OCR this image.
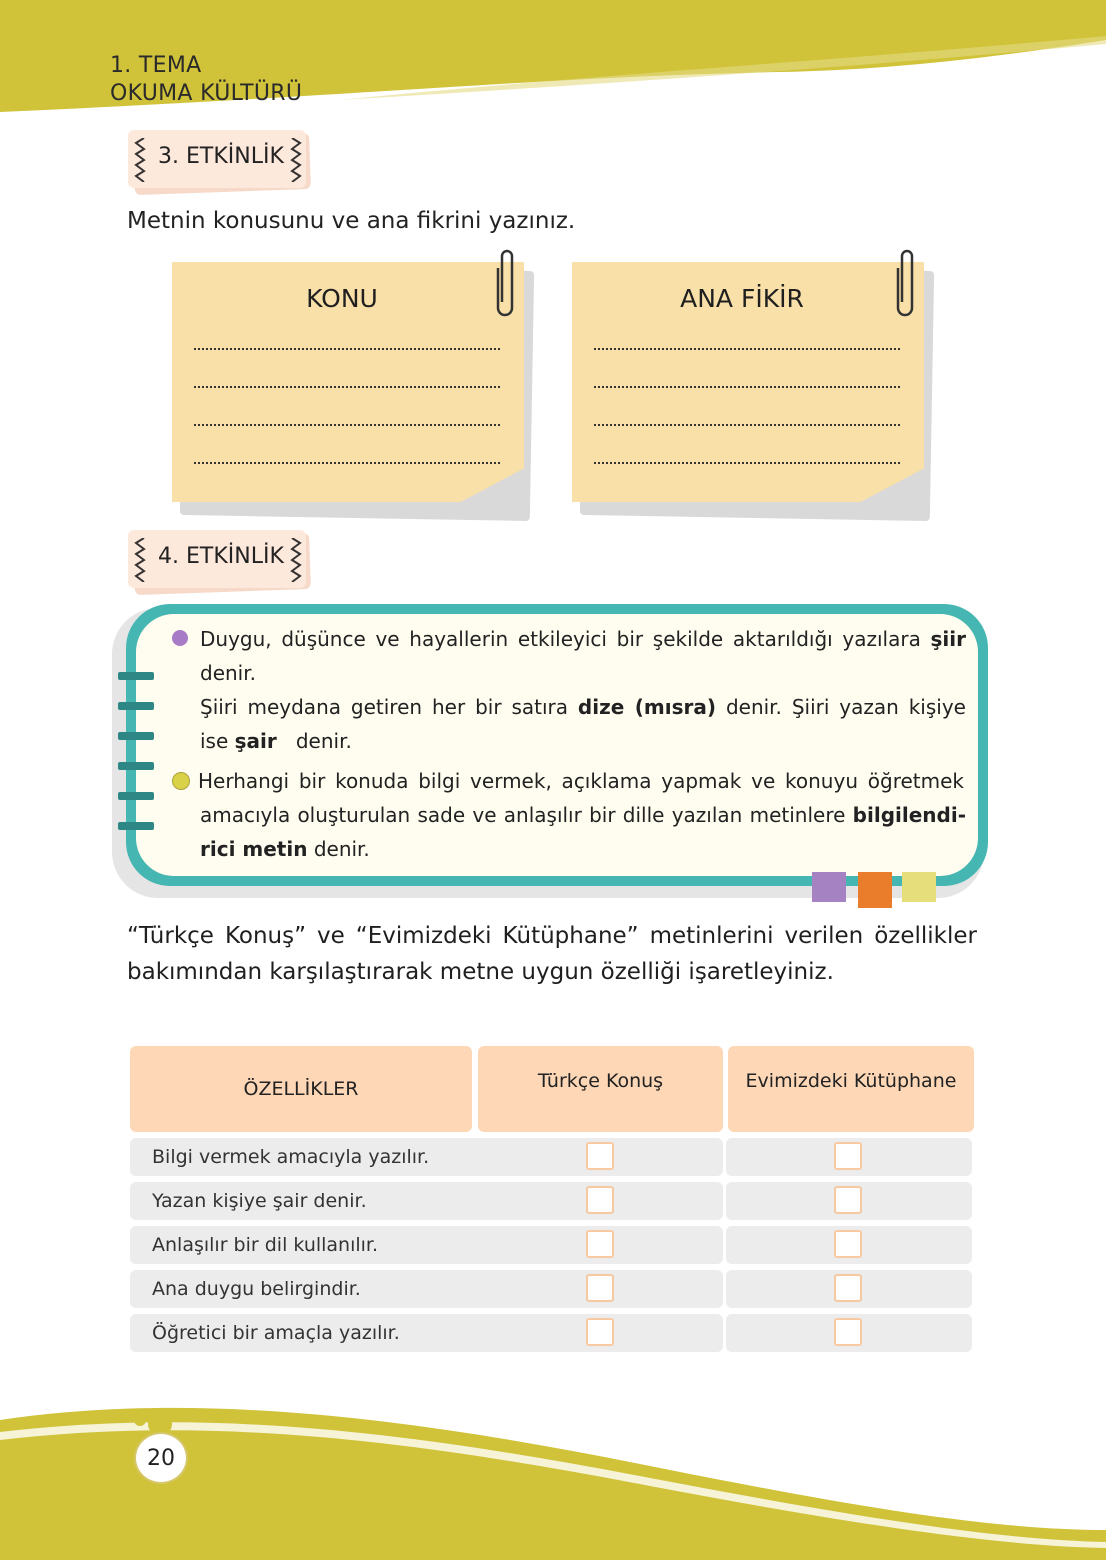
1. TEMA
OKUMA KÜLTÜRÜ
3. ETKİNLİK
Metnin konusunu ve ana fikrini yazınız.
KONU	ANA FİKİR
4. ETKİNLİK
Duygu, düşünce ve hayallerin etkileyici bir şekilde aktarıldığı yazılara şiir
denir.
Şiiri meydana getiren her bir satıra dize (mısra) denir. Şiiri yazan kişiye
ise şair denir.
Herhangi bir konuda bilgi vermek, açıklama yapmak ve konuyu öğretmek
amacıyla oluşturulan sade ve anlaşılır bir dille yazılan metinlere bilgilendi-
rici metin denir.
“Türkçe Konuş” ve “Evimizdeki Kütüphane” metinlerini verilen özellikler bakımından karşılaştırarak metne uygun özelliği işaretleyiniz.
ÖZELLİKLER	Türkçe Konuş	Evimizdeki Kütüphane
Bilgi vermek amacıyla yazılır.
Yazan kişiye şair denir.
Anlaşılır bir dil kullanılır.
Ana duygu belirgindir.
Öğretici bir amaçla yazılır.
20
